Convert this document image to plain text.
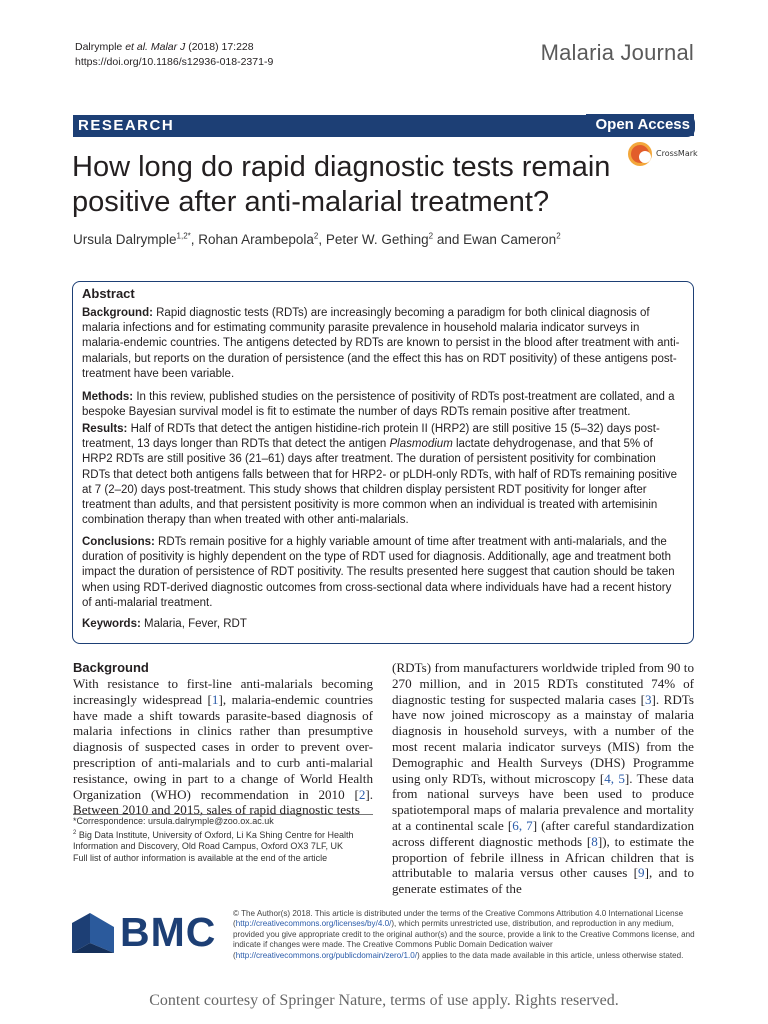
Dalrymple et al. Malar J (2018) 17:228
https://doi.org/10.1186/s12936-018-2371-9	Malaria Journal
RESEARCH	Open Access
How long do rapid diagnostic tests remain positive after anti-malarial treatment?
CrossMark
Ursula Dalrymple$^{1,2*}$, Rohan Arambepola$^2$, Peter W. Gething$^2$ and Ewan Cameron$^2$
Abstract
Background: Rapid diagnostic tests (RDTs) are increasingly becoming a paradigm for both clinical diagnosis of malaria infections and for estimating community parasite prevalence in household malaria indicator surveys in malaria-endemic countries. The antigens detected by RDTs are known to persist in the blood after treatment with anti-malarials, but reports on the duration of persistence (and the effect this has on RDT positivity) of these antigens post-treatment have been variable.
Methods: In this review, published studies on the persistence of positivity of RDTs post-treatment are collated, and a bespoke Bayesian survival model is fit to estimate the number of days RDTs remain positive after treatment.
Results: Half of RDTs that detect the antigen histidine-rich protein II (HRP2) are still positive 15 (5–32) days post-treatment, 13 days longer than RDTs that detect the antigen Plasmodium lactate dehydrogenase, and that 5% of HRP2 RDTs are still positive 36 (21–61) days after treatment. The duration of persistent positivity for combination RDTs that detect both antigens falls between that for HRP2- or pLDH-only RDTs, with half of RDTs remaining positive at 7 (2–20) days post-treatment. This study shows that children display persistent RDT positivity for longer after treatment than adults, and that persistent positivity is more common when an individual is treated with artemisinin combination therapy than when treated with other anti-malarials.
Conclusions: RDTs remain positive for a highly variable amount of time after treatment with anti-malarials, and the duration of positivity is highly dependent on the type of RDT used for diagnosis. Additionally, age and treatment both impact the duration of persistence of RDT positivity. The results presented here suggest that caution should be taken when using RDT-derived diagnostic outcomes from cross-sectional data where individuals have had a recent history of anti-malarial treatment.
Keywords: Malaria, Fever, RDT
Background

With resistance to first-line anti-malarials becoming increasingly widespread [1], malaria-endemic countries have made a shift towards parasite-based diagnosis of malaria infections in clinics rather than presumptive diagnosis of suspected cases in order to prevent over-prescription of anti-malarials and to curb anti-malarial resistance, owing in part to a change of World Health Organization (WHO) recommendation in 2010 [2]. Between 2010 and 2015, sales of rapid diagnostic tests

(RDTs) from manufacturers worldwide tripled from 90 to 270 million, and in 2015 RDTs constituted 74% of diagnostic testing for suspected malaria cases [3]. RDTs have now joined microscopy as a mainstay of malaria diagnosis in household surveys, with a number of the most recent malaria indicator surveys (MIS) from the Demographic and Health Surveys (DHS) Programme using only RDTs, without microscopy [4, 5]. These data from national surveys have been used to produce spatiotemporal maps of malaria prevalence and mortality at a continental scale [6, 7] (after careful standardization across different diagnostic methods [8]), to estimate the proportion of febrile illness in African children that is attributable to malaria versus other causes [9], and to generate estimates of the

*Correspondence: ursula.dalrymple@zoo.ox.ac.uk
$^2$ Big Data Institute, University of Oxford, Li Ka Shing Centre for Health Information and Discovery, Old Road Campus, Oxford OX3 7LF, UK
Full list of author information is available at the end of the article
BMC © The Author(s) 2018. This article is distributed under the terms of the Creative Commons Attribution 4.0 International License (http://creativecommons.org/licenses/by/4.0/), which permits unrestricted use, distribution, and reproduction in any medium, provided you give appropriate credit to the original author(s) and the source, provide a link to the Creative Commons license, and indicate if changes were made. The Creative Commons Public Domain Dedication waiver (http://creativecommons.org/publicdomain/zero/1.0/) applies to the data made available in this article, unless otherwise stated.
Content courtesy of Springer Nature, terms of use apply. Rights reserved.
